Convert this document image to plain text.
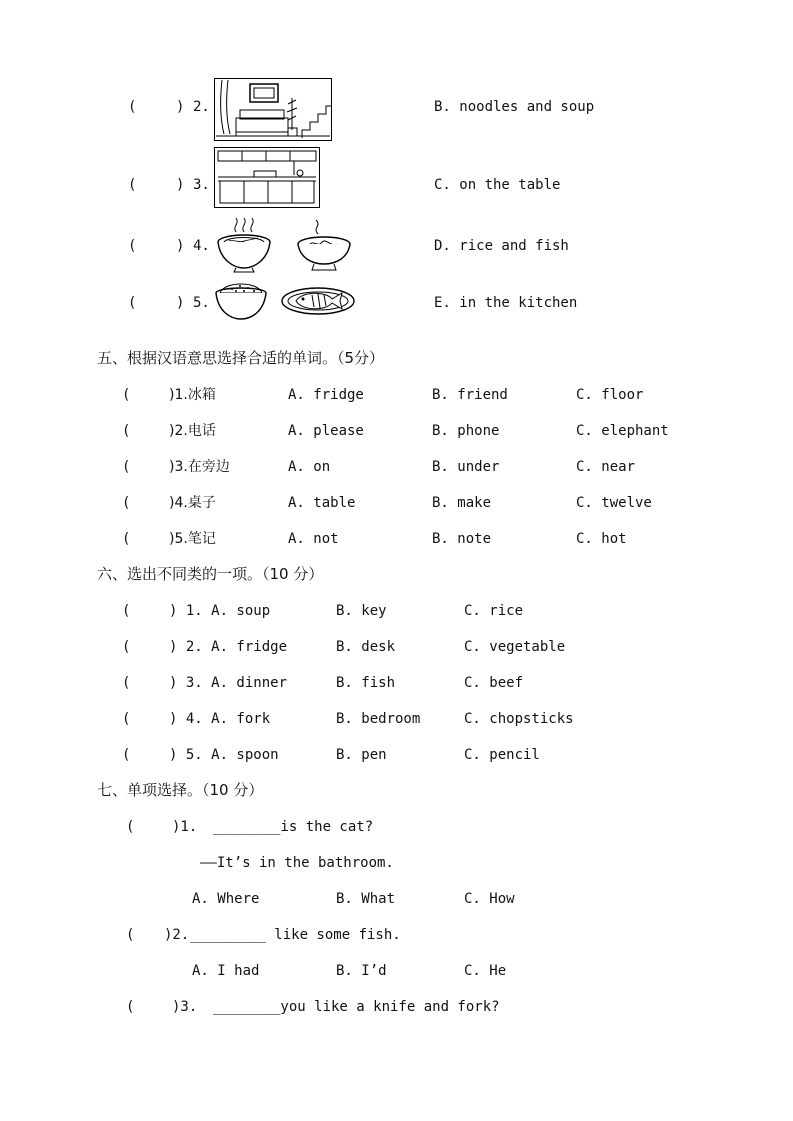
(	) 2.	B. noodles and soup
(	) 3.	C. on the table
(	) 4.	D. rice and fish
(	) 5.	E. in the kitchen
五、根据汉语意思选择合适的单词。（5分）
(	)1.冰箱	A. fridge	B. friend	C. floor
(	)2.电话	A. please	B. phone	C. elephant
(	)3.在旁边	A. on	B. under	C. near
(	)4.桌子	A. table	B. make	C. twelve
(	)5.笔记	A. not	B. note	C. hot
六、选出不同类的一项。（10 分）
(	) 1. A. soup	B. key	C. rice
(	) 2. A. fridge	B. desk	C. vegetable
(	) 3. A. dinner	B. fish	C. beef
(	) 4. A. fork	B. bedroom	C. chopsticks
(	) 5. A. spoon	B. pen	C. pencil
七、单项选择。（10 分）
(	)1. ________is the cat?
——It’s in the bathroom.
A. Where	B. What	C. How
( )2. _________ like some fish.
A. I had	B. I’d	C. He
(	)3. ________you like a knife and fork?
